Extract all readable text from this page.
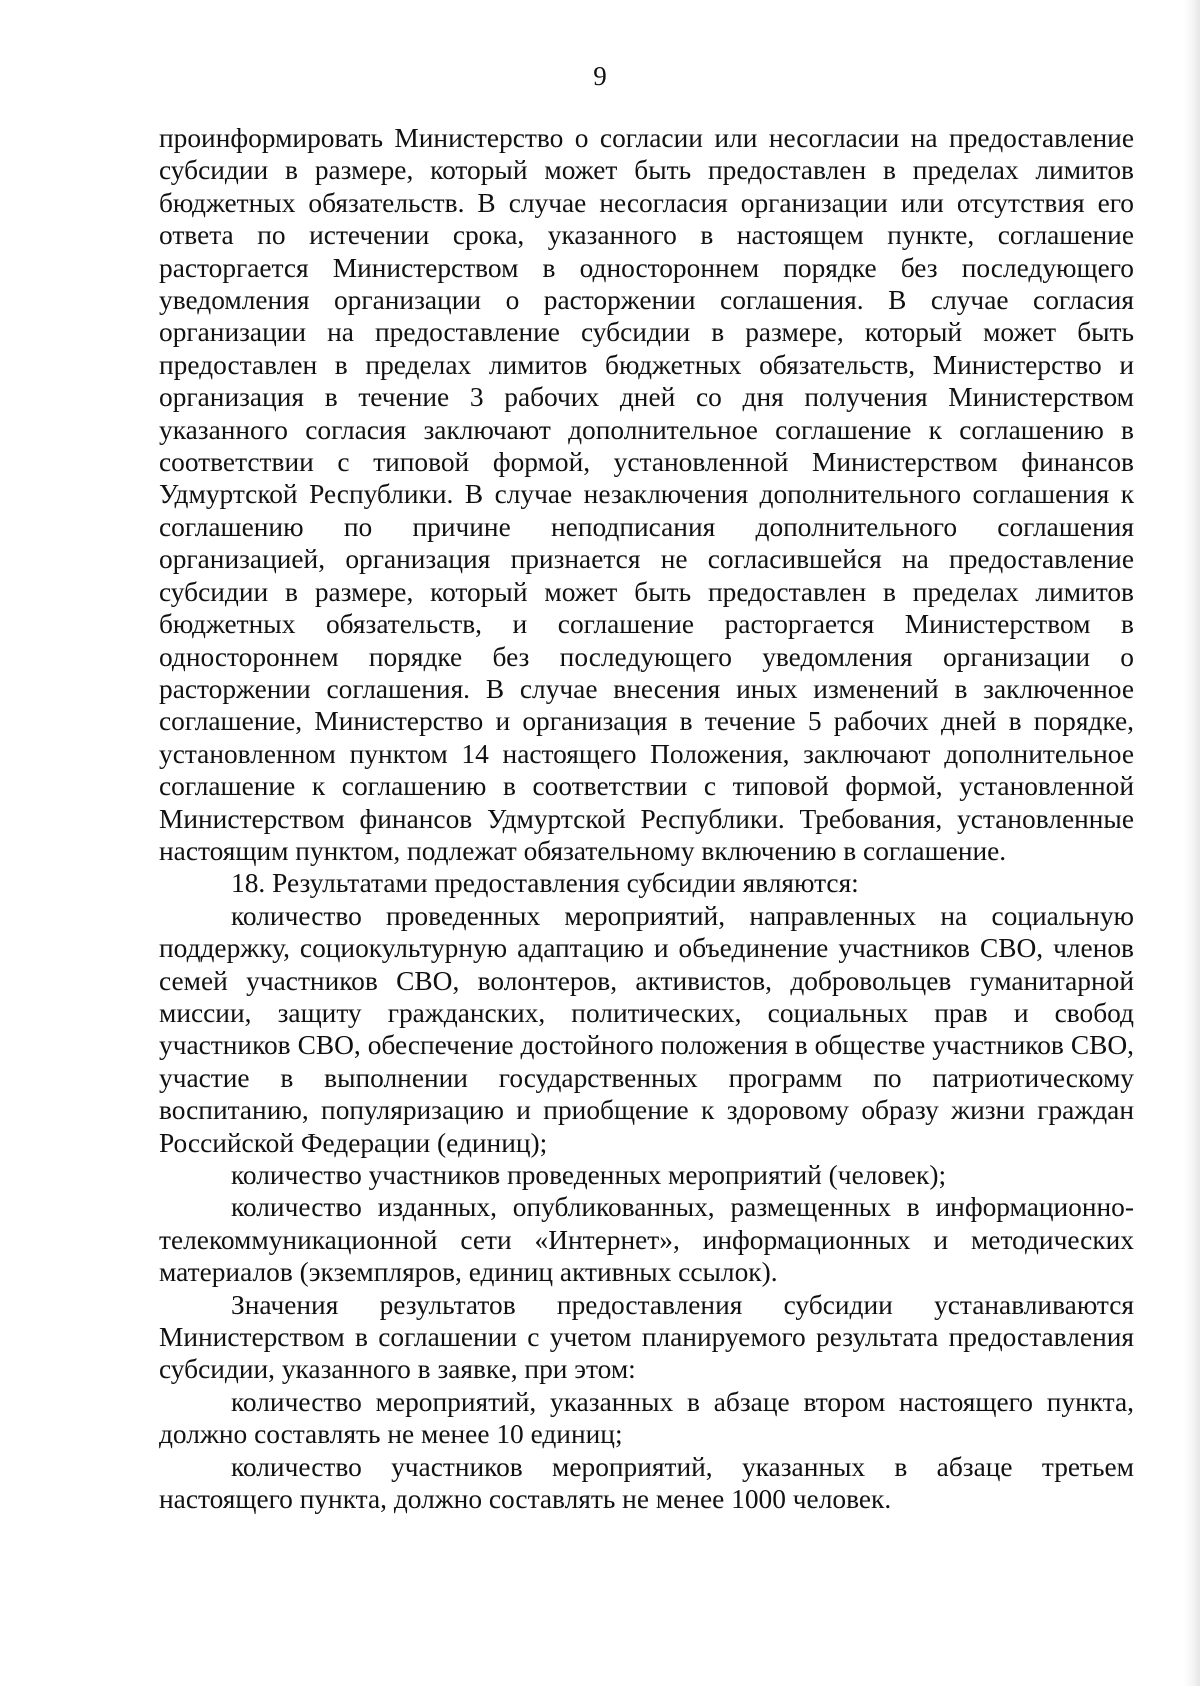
9

проинформировать Министерство о согласии или несогласии на предоставление субсидии в размере, который может быть предоставлен в пределах лимитов бюджетных обязательств. В случае несогласия организации или отсутствия его ответа по истечении срока, указанного в настоящем пункте, соглашение расторгается Министерством в одностороннем порядке без последующего уведомления организации о расторжении соглашения. В случае согласия организации на предоставление субсидии в размере, который может быть предоставлен в пределах лимитов бюджетных обязательств, Министерство и организация в течение 3 рабочих дней со дня получения Министерством указанного согласия заключают дополнительное соглашение к соглашению в соответствии с типовой формой, установленной Министерством финансов Удмуртской Республики. В случае незаключения дополнительного соглашения к соглашению по причине неподписания дополнительного соглашения организацией, организация признается не согласившейся на предоставление субсидии в размере, который может быть предоставлен в пределах лимитов бюджетных обязательств, и соглашение расторгается Министерством в одностороннем порядке без последующего уведомления организации о расторжении соглашения. В случае внесения иных изменений в заключенное соглашение, Министерство и организация в течение 5 рабочих дней в порядке, установленном пунктом 14 настоящего Положения, заключают дополнительное соглашение к соглашению в соответствии с типовой формой, установленной Министерством финансов Удмуртской Республики. Требования, установленные настоящим пунктом, подлежат обязательному включению в соглашение.

18. Результатами предоставления субсидии являются:

количество проведенных мероприятий, направленных на социальную поддержку, социокультурную адаптацию и объединение участников СВО, членов семей участников СВО, волонтеров, активистов, добровольцев гуманитарной миссии, защиту гражданских, политических, социальных прав и свобод участников СВО, обеспечение достойного положения в обществе участников СВО, участие в выполнении государственных программ по патриотическому воспитанию, популяризацию и приобщение к здоровому образу жизни граждан Российской Федерации (единиц);

количество участников проведенных мероприятий (человек);

количество изданных, опубликованных, размещенных в информационно-телекоммуникационной сети «Интернет», информационных и методических материалов (экземпляров, единиц активных ссылок).

Значения результатов предоставления субсидии устанавливаются Министерством в соглашении с учетом планируемого результата предоставления субсидии, указанного в заявке, при этом:

количество мероприятий, указанных в абзаце втором настоящего пункта, должно составлять не менее 10 единиц;

количество участников мероприятий, указанных в абзаце третьем настоящего пункта, должно составлять не менее 1000 человек.
